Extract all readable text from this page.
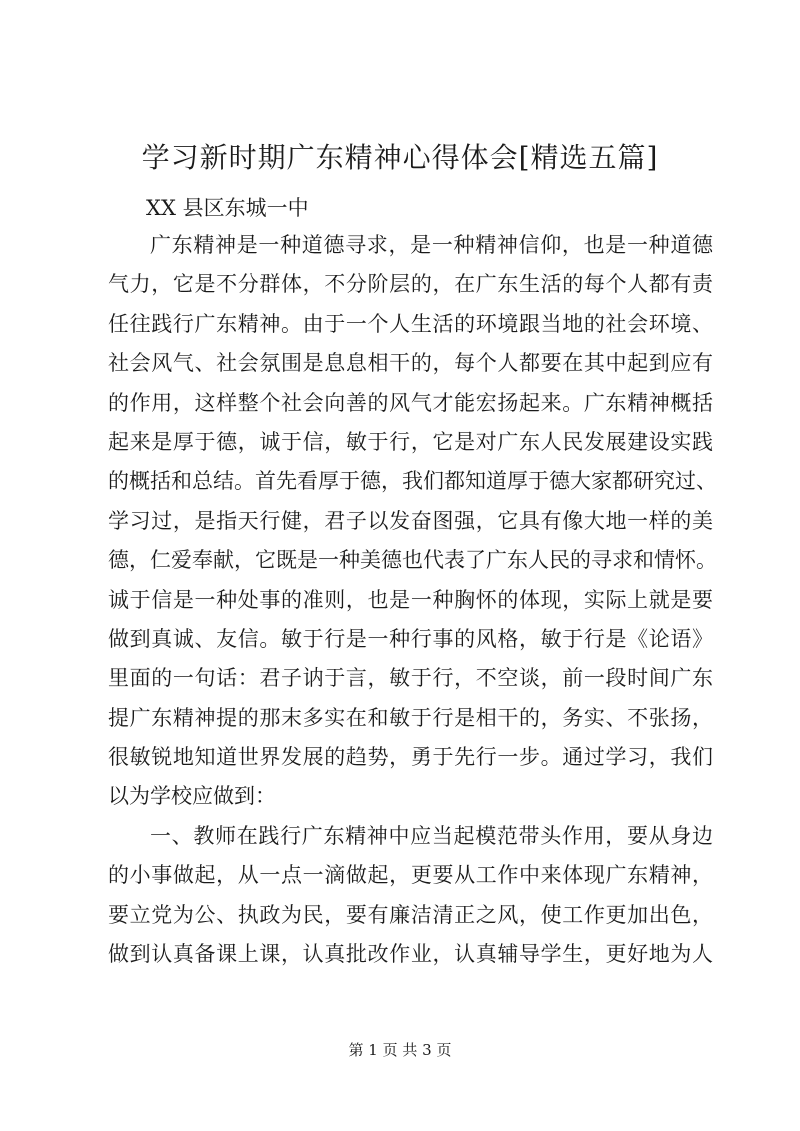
学习新时期广东精神心得体会[精选五篇]

XX 县区东城一中

广东精神是一种道德寻求，是一种精神信仰，也是一种道德
气力，它是不分群体，不分阶层的，在广东生活的每个人都有责
任往践行广东精神。由于一个人生活的环境跟当地的社会环境、
社会风气、社会氛围是息息相干的，每个人都要在其中起到应有
的作用，这样整个社会向善的风气才能宏扬起来。广东精神概括
起来是厚于德，诚于信，敏于行，它是对广东人民发展建设实践
的概括和总结。首先看厚于德，我们都知道厚于德大家都研究过、
学习过，是指天行健，君子以发奋图强，它具有像大地一样的美
德，仁爱奉献，它既是一种美德也代表了广东人民的寻求和情怀。
诚于信是一种处事的准则，也是一种胸怀的体现，实际上就是要
做到真诚、友信。敏于行是一种行事的风格，敏于行是《论语》
里面的一句话：君子讷于言，敏于行，不空谈，前一段时间广东
提广东精神提的那末多实在和敏于行是相干的，务实、不张扬，
很敏锐地知道世界发展的趋势，勇于先行一步。通过学习，我们
以为学校应做到：
一、教师在践行广东精神中应当起模范带头作用，要从身边
的小事做起，从一点一滴做起，更要从工作中来体现广东精神，
要立党为公、执政为民，要有廉洁清正之风，使工作更加出色，
做到认真备课上课，认真批改作业，认真辅导学生，更好地为人

第 1 页 共 3 页
